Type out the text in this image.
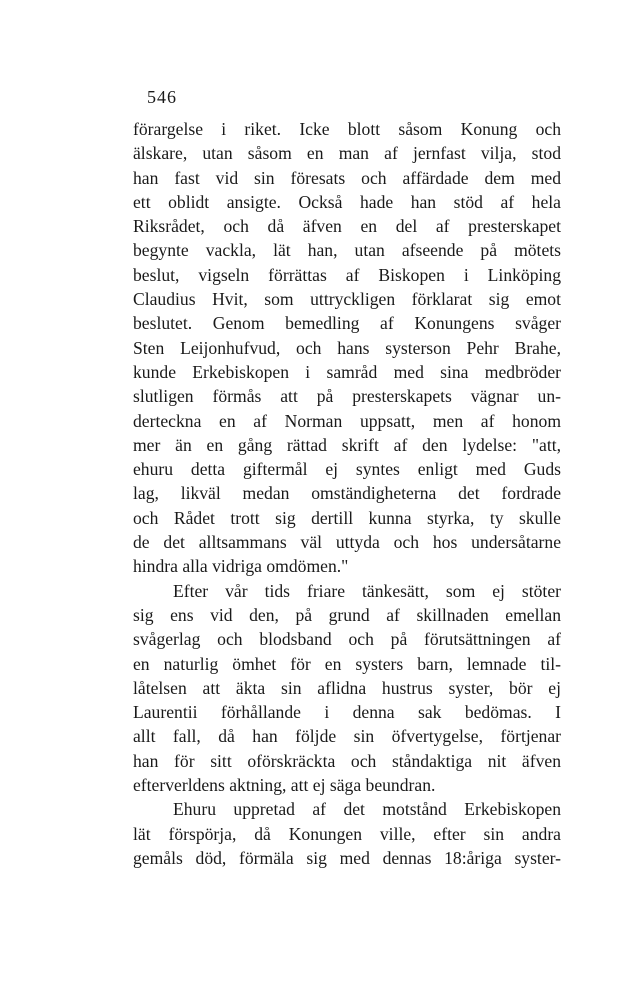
546
förargelse i riket. Icke blott såsom Konung och
älskare, utan såsom en man af jernfast vilja, stod
han fast vid sin föresats och affärdade dem med
ett oblidt ansigte. Också hade han stöd af hela
Riksrådet, och då äfven en del af presterskapet
begynte vackla, lät han, utan afseende på mötets
beslut, vigseln förrättas af Biskopen i Linköping
Claudius Hvit, som uttryckligen förklarat sig emot
beslutet. Genom bemedling af Konungens svåger
Sten Leijonhufvud, och hans systerson Pehr Brahe,
kunde Erkebiskopen i samråd med sina medbröder
slutligen förmås att på presterskapets vägnar un-
derteckna en af Norman uppsatt, men af honom
mer än en gång rättad skrift af den lydelse: "att,
ehuru detta giftermål ej syntes enligt med Guds
lag, likväl medan omständigheterna det fordrade
och Rådet trott sig dertill kunna styrka, ty skulle
de det alltsammans väl uttyda och hos undersåtarne
hindra alla vidriga omdömen."
Efter vår tids friare tänkesätt, som ej stöter
sig ens vid den, på grund af skillnaden emellan
svågerlag och blodsband och på förutsättningen af
en naturlig ömhet för en systers barn, lemnade til-
låtelsen att äkta sin aflidna hustrus syster, bör ej
Laurentii förhållande i denna sak bedömas. I
allt fall, då han följde sin öfvertygelse, förtjenar
han för sitt oförskräckta och ståndaktiga nit äfven
efterverldens aktning, att ej säga beundran.
Ehuru uppretad af det motstånd Erkebiskopen
lät förspörja, då Konungen ville, efter sin andra
gemåls död, förmäla sig med dennas 18:åriga syster-
